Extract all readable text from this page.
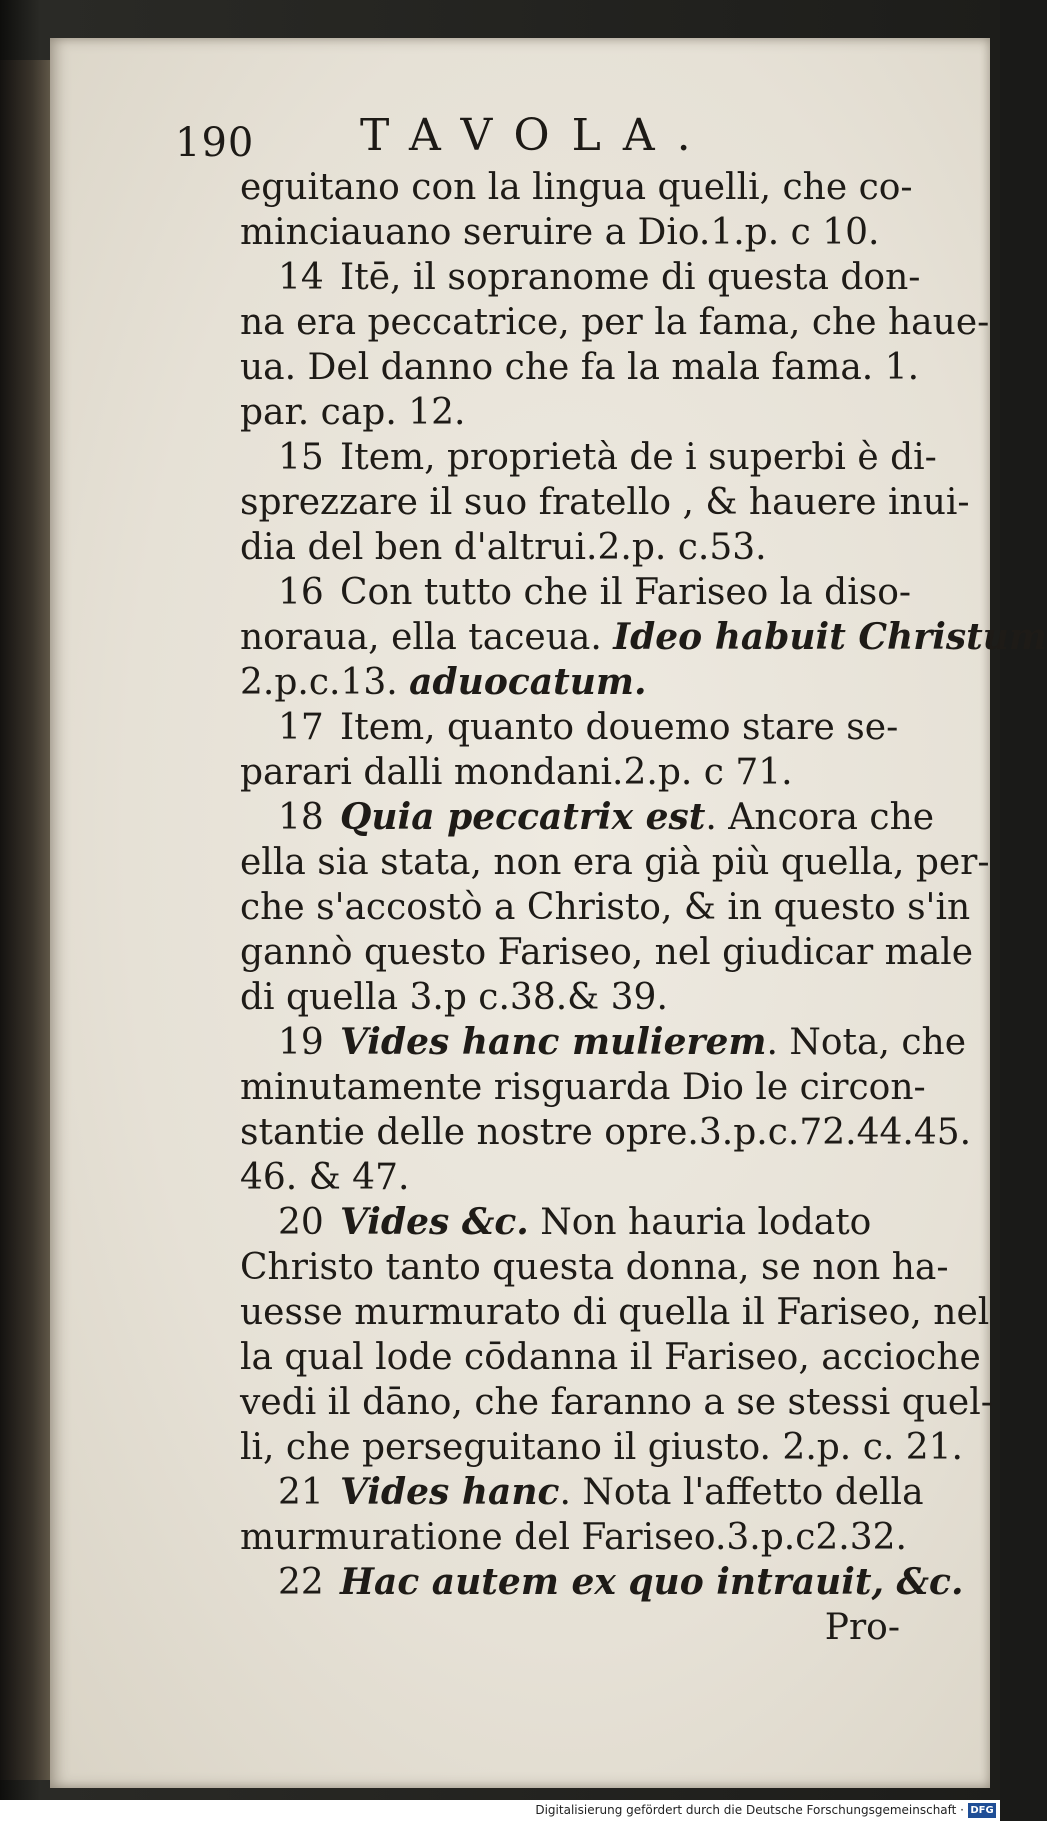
190 TAVOLA.
eguitano con la lingua quelli, che co-
minciauano seruire a Dio.1.p. c 10.
14 Itē, il sopranome di questa don-
na era peccatrice, per la fama, che haue-
ua. Del danno che fa la mala fama. 1.
par. cap. 12.
15 Item, proprietà de i superbi è di-
sprezzare il suo fratello , & hauere inui-
dia del ben d'altrui.2.p. c.53.
16 Con tutto che il Fariseo la diso-
noraua, ella taceua. Ideo habuit Christum
2.p.c.13. aduocatum.
17 Item, quanto douemo stare se-
parari dalli mondani.2.p. c 71.
18 Quia peccatrix est. Ancora che
ella sia stata, non era già più quella, per-
che s'accostò a Christo, & in questo s'in
gannò questo Fariseo, nel giudicar male
di quella 3.p c.38.& 39.
19 Vides hanc mulierem. Nota, che
minutamente risguarda Dio le circon-
stantie delle nostre opre.3.p.c.72.44.45.
46. & 47.
20 Vides &c. Non hauria lodato
Christo tanto questa donna, se non ha-
uesse murmurato di quella il Fariseo, nel
la qual lode cōdanna il Fariseo, accioche
vedi il dāno, che faranno a se stessi quel-
li, che perseguitano il giusto. 2.p. c. 21.
21 Vides hanc. Nota l'affetto della
murmuratione del Fariseo.3.p.c2.32.
22 Hac autem ex quo intrauit, &c.
Pro-
Digitalisierung gefördert durch die Deutsche Forschungsgemeinschaft · DFG
